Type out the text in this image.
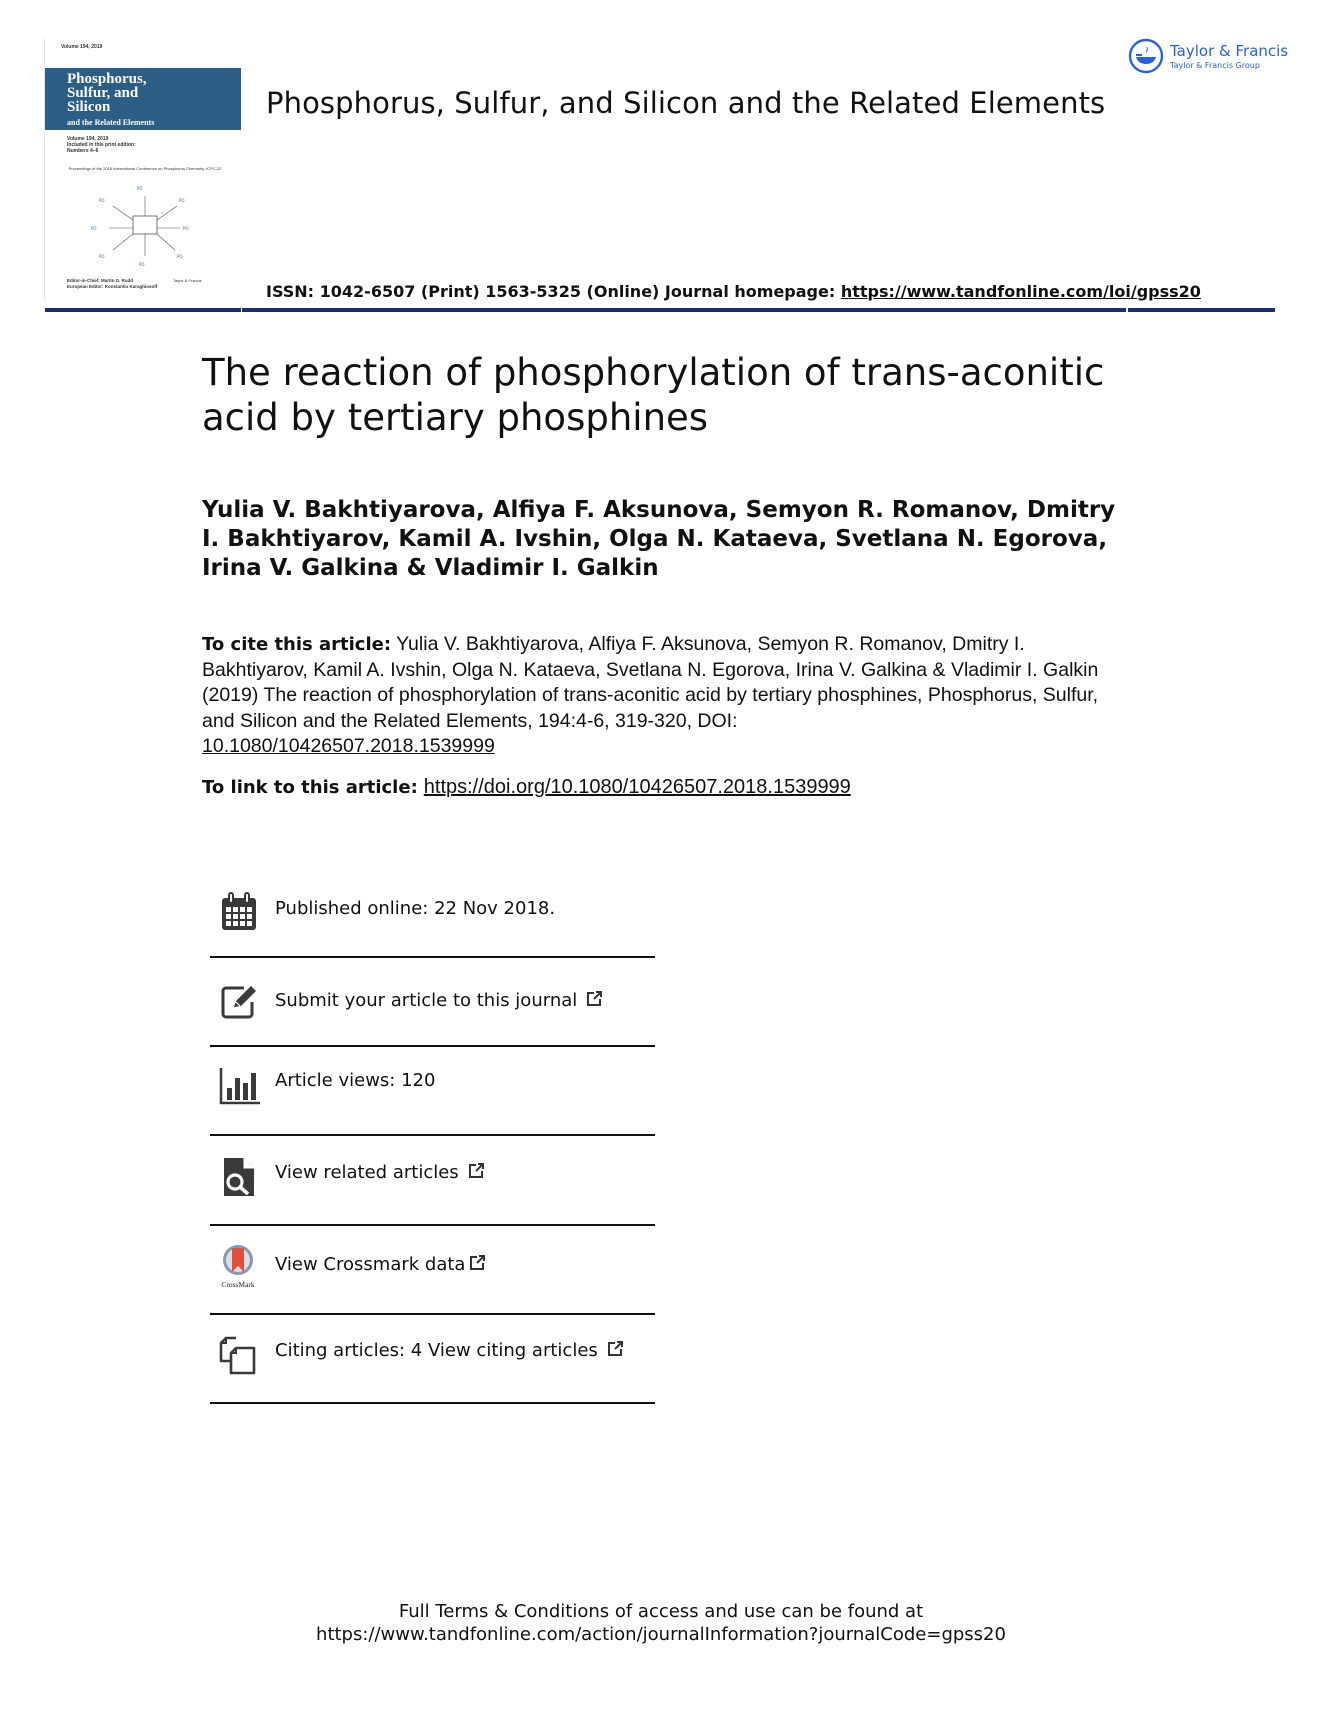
Volume 194, 2019
Phosphorus,
Sulfur, and
Silicon
and the Related Elements
Volume 194, 2019
Included in this print edition:
Numbers 4–6
Proceedings of the 2018 International Conference on Phosphorus Chemistry, ICPC-22
PO
PO
PO
PO
PO
PO
PO
PO
R
R
Editor-in-Chief: Martin D. Rudd
European Editor: Konstantin Karaghiosoff
Taylor & Francis
Phosphorus, Sulfur, and Silicon and the Related Elements
Taylor & Francis
Taylor & Francis Group
ISSN: 1042-6507 (Print) 1563-5325 (Online) Journal homepage: https://www.tandfonline.com/loi/gpss20
The reaction of phosphorylation of trans-aconitic acid by tertiary phosphines
Yulia V. Bakhtiyarova, Alfiya F. Aksunova, Semyon R. Romanov, Dmitry I. Bakhtiyarov, Kamil A. Ivshin, Olga N. Kataeva, Svetlana N. Egorova, Irina V. Galkina & Vladimir I. Galkin
To cite this article: Yulia V. Bakhtiyarova, Alfiya F. Aksunova, Semyon R. Romanov, Dmitry I. Bakhtiyarov, Kamil A. Ivshin, Olga N. Kataeva, Svetlana N. Egorova, Irina V. Galkina & Vladimir I. Galkin (2019) The reaction of phosphorylation of trans-aconitic acid by tertiary phosphines, Phosphorus, Sulfur, and Silicon and the Related Elements, 194:4-6, 319-320, DOI:
10.1080/10426507.2018.1539999
To link to this article: https://doi.org/10.1080/10426507.2018.1539999
Published online: 22 Nov 2018.
Submit your article to this journal
Article views: 120
View related articles
CrossMark
View Crossmark data
Citing articles: 4 View citing articles
Full Terms & Conditions of access and use can be found at
https://www.tandfonline.com/action/journalInformation?journalCode=gpss20
